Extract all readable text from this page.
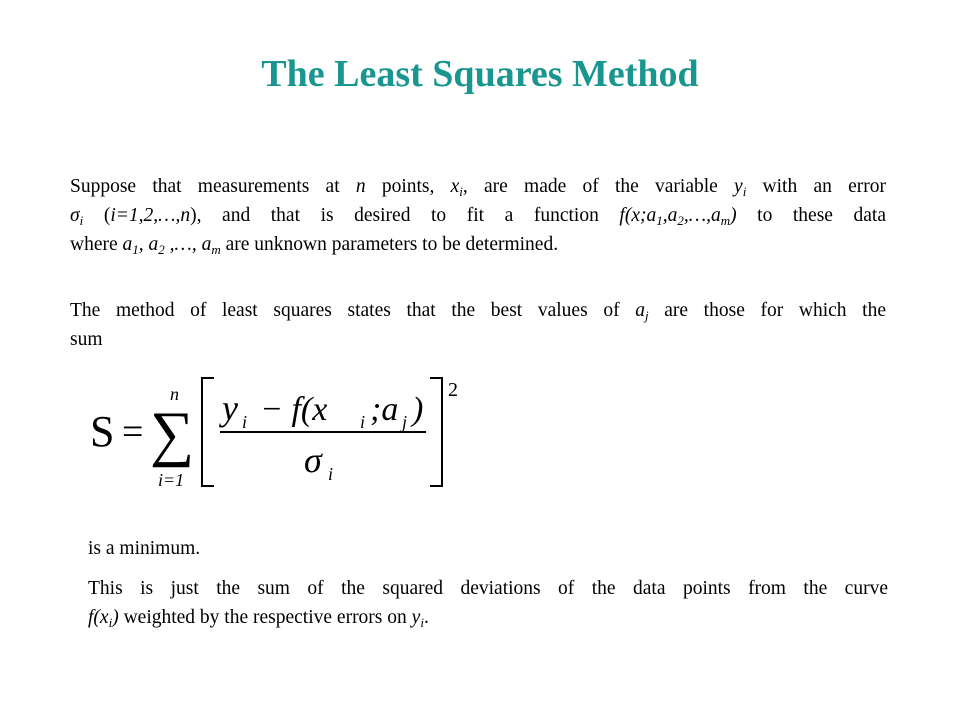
The Least Squares Method
Suppose that measurements at n points, $x_i$, are made of the variable $y_i$ with an error
$\sigma_i$ (i=1,2,…,n), and that is desired to fit a function $f(x;a_1,a_2,\dots,a_m)$ to these data
where $a_1$, $a_2$ ,…, $a_m$ are unknown parameters to be determined.
The method of least squares states that the best values of $a_j$ are those for which the
sum
S =
n
∑
i=1
y i − f(x i ;a j )
σ i
2
is a minimum.
This is just the sum of the squared deviations of the data points from the curve
$f(x_i)$ weighted by the respective errors on $y_i$.
